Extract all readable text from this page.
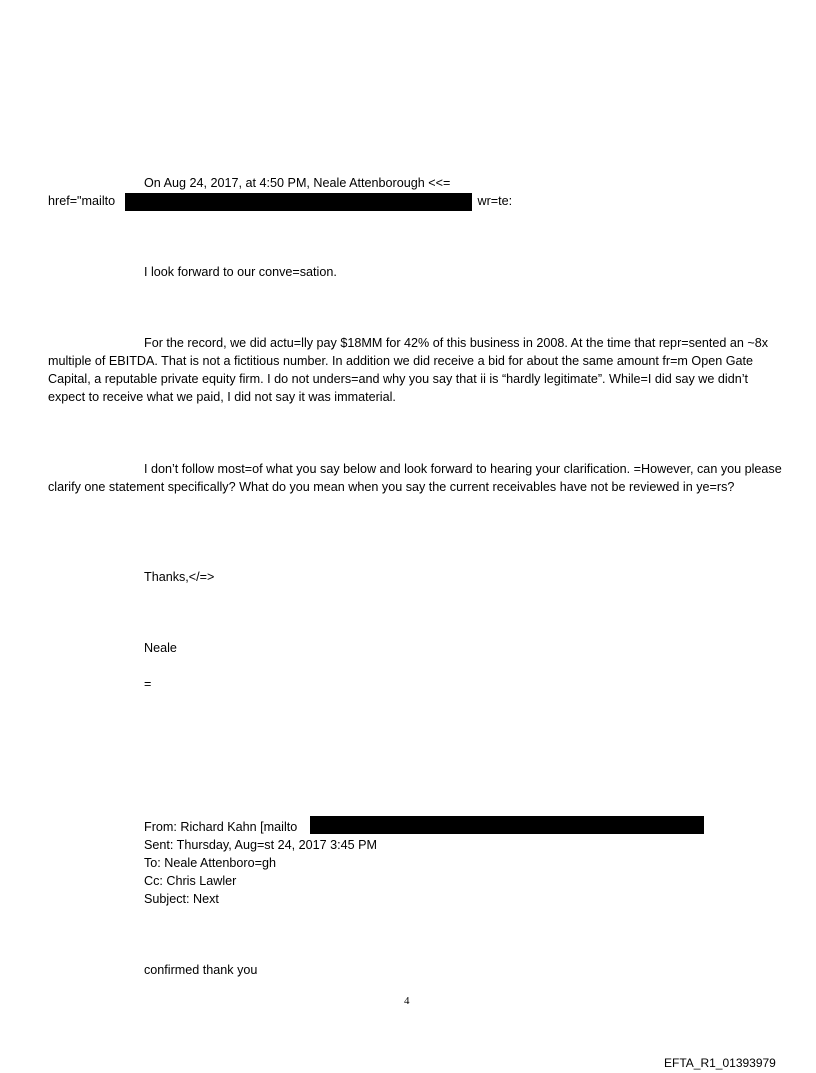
On Aug 24, 2017, at 4:50 PM, Neale Attenborough <<=

href="mailto	wr=te:

I look forward to our conve=sation.

For the record, we did actu=lly pay $18MM for 42% of this business in 2008. At the time that repr=sented an ~8x multiple of EBITDA. That is not a fictitious number. In addition we did receive a bid for about the same amount fr=m Open Gate Capital, a reputable private equity firm. I do not unders=and why you say that ii is “hardly legitimate”. While=I did say we didn’t expect to receive what we paid, I did not say it was immaterial.

I don’t follow most=of what you say below and look forward to hearing your clarification. =However, can you please clarify one statement specifically? What do you mean when you say the current receivables have not be reviewed in ye=rs?

Thanks,</=>

Neale

=

From: Richard Kahn [mailto

Sent: Thursday, Aug=st 24, 2017 3:45 PM

To: Neale Attenboro=gh

Cc: Chris Lawler

Subject: Next

confirmed thank you

4

EFTA_R1_01393979
